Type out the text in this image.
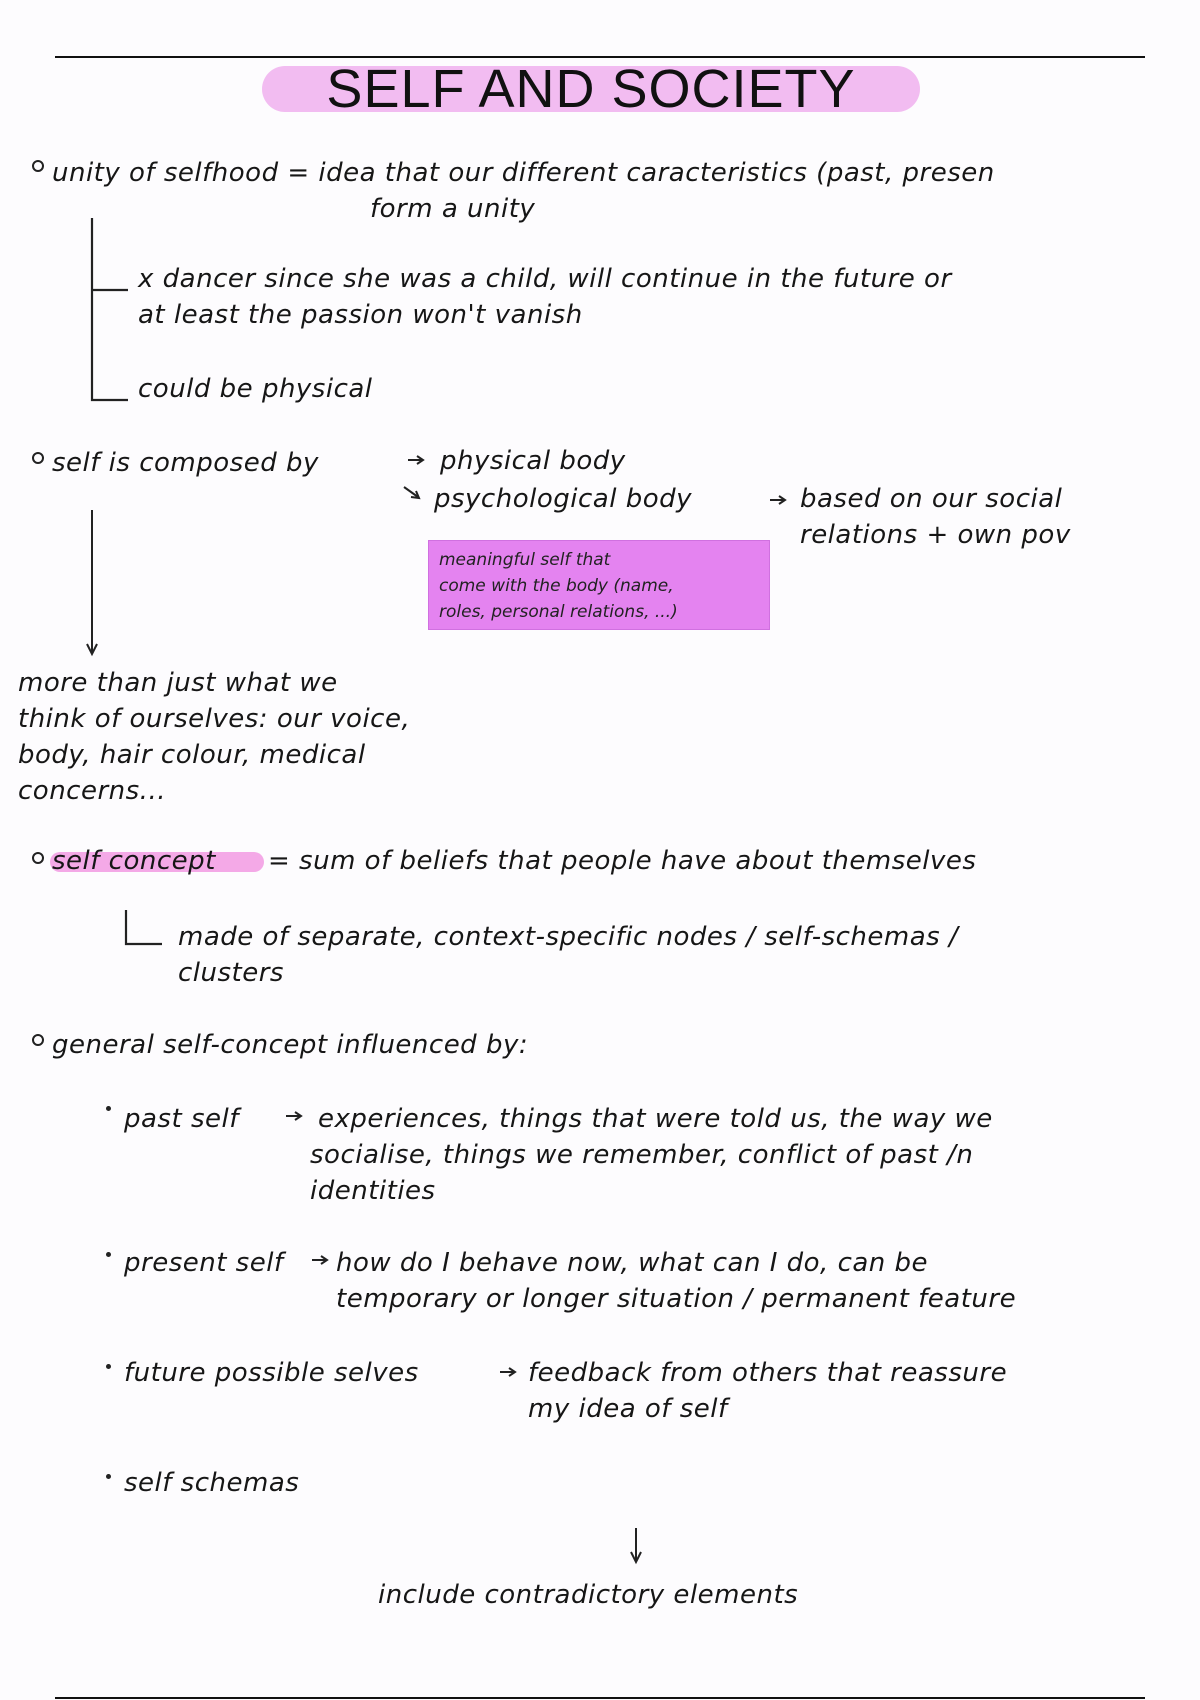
SELF AND SOCIETY
unity of selfhood = idea that our different caracteristics (past, presen
form a unity
x dancer since she was a child, will continue in the future or
at least the passion won't vanish
could be physical
self is composed by	physical body
psychological body	based on our social
relations + own pov
meaningful self that
come with the body (name,
roles, personal relations, ...)
more than just what we
think of ourselves: our voice,
body, hair colour, medical
concerns...
self concept = sum of beliefs that people have about themselves
made of separate, context-specific nodes / self-schemas /
clusters
general self-concept influenced by:
past self	experiences, things that were told us, the way we
socialise, things we remember, conflict of past /n
identities
present self how do I behave now, what can I do, can be
temporary or longer situation / permanent feature
future possible selves	feedback from others that reassure
my idea of self
self schemas
include contradictory elements
